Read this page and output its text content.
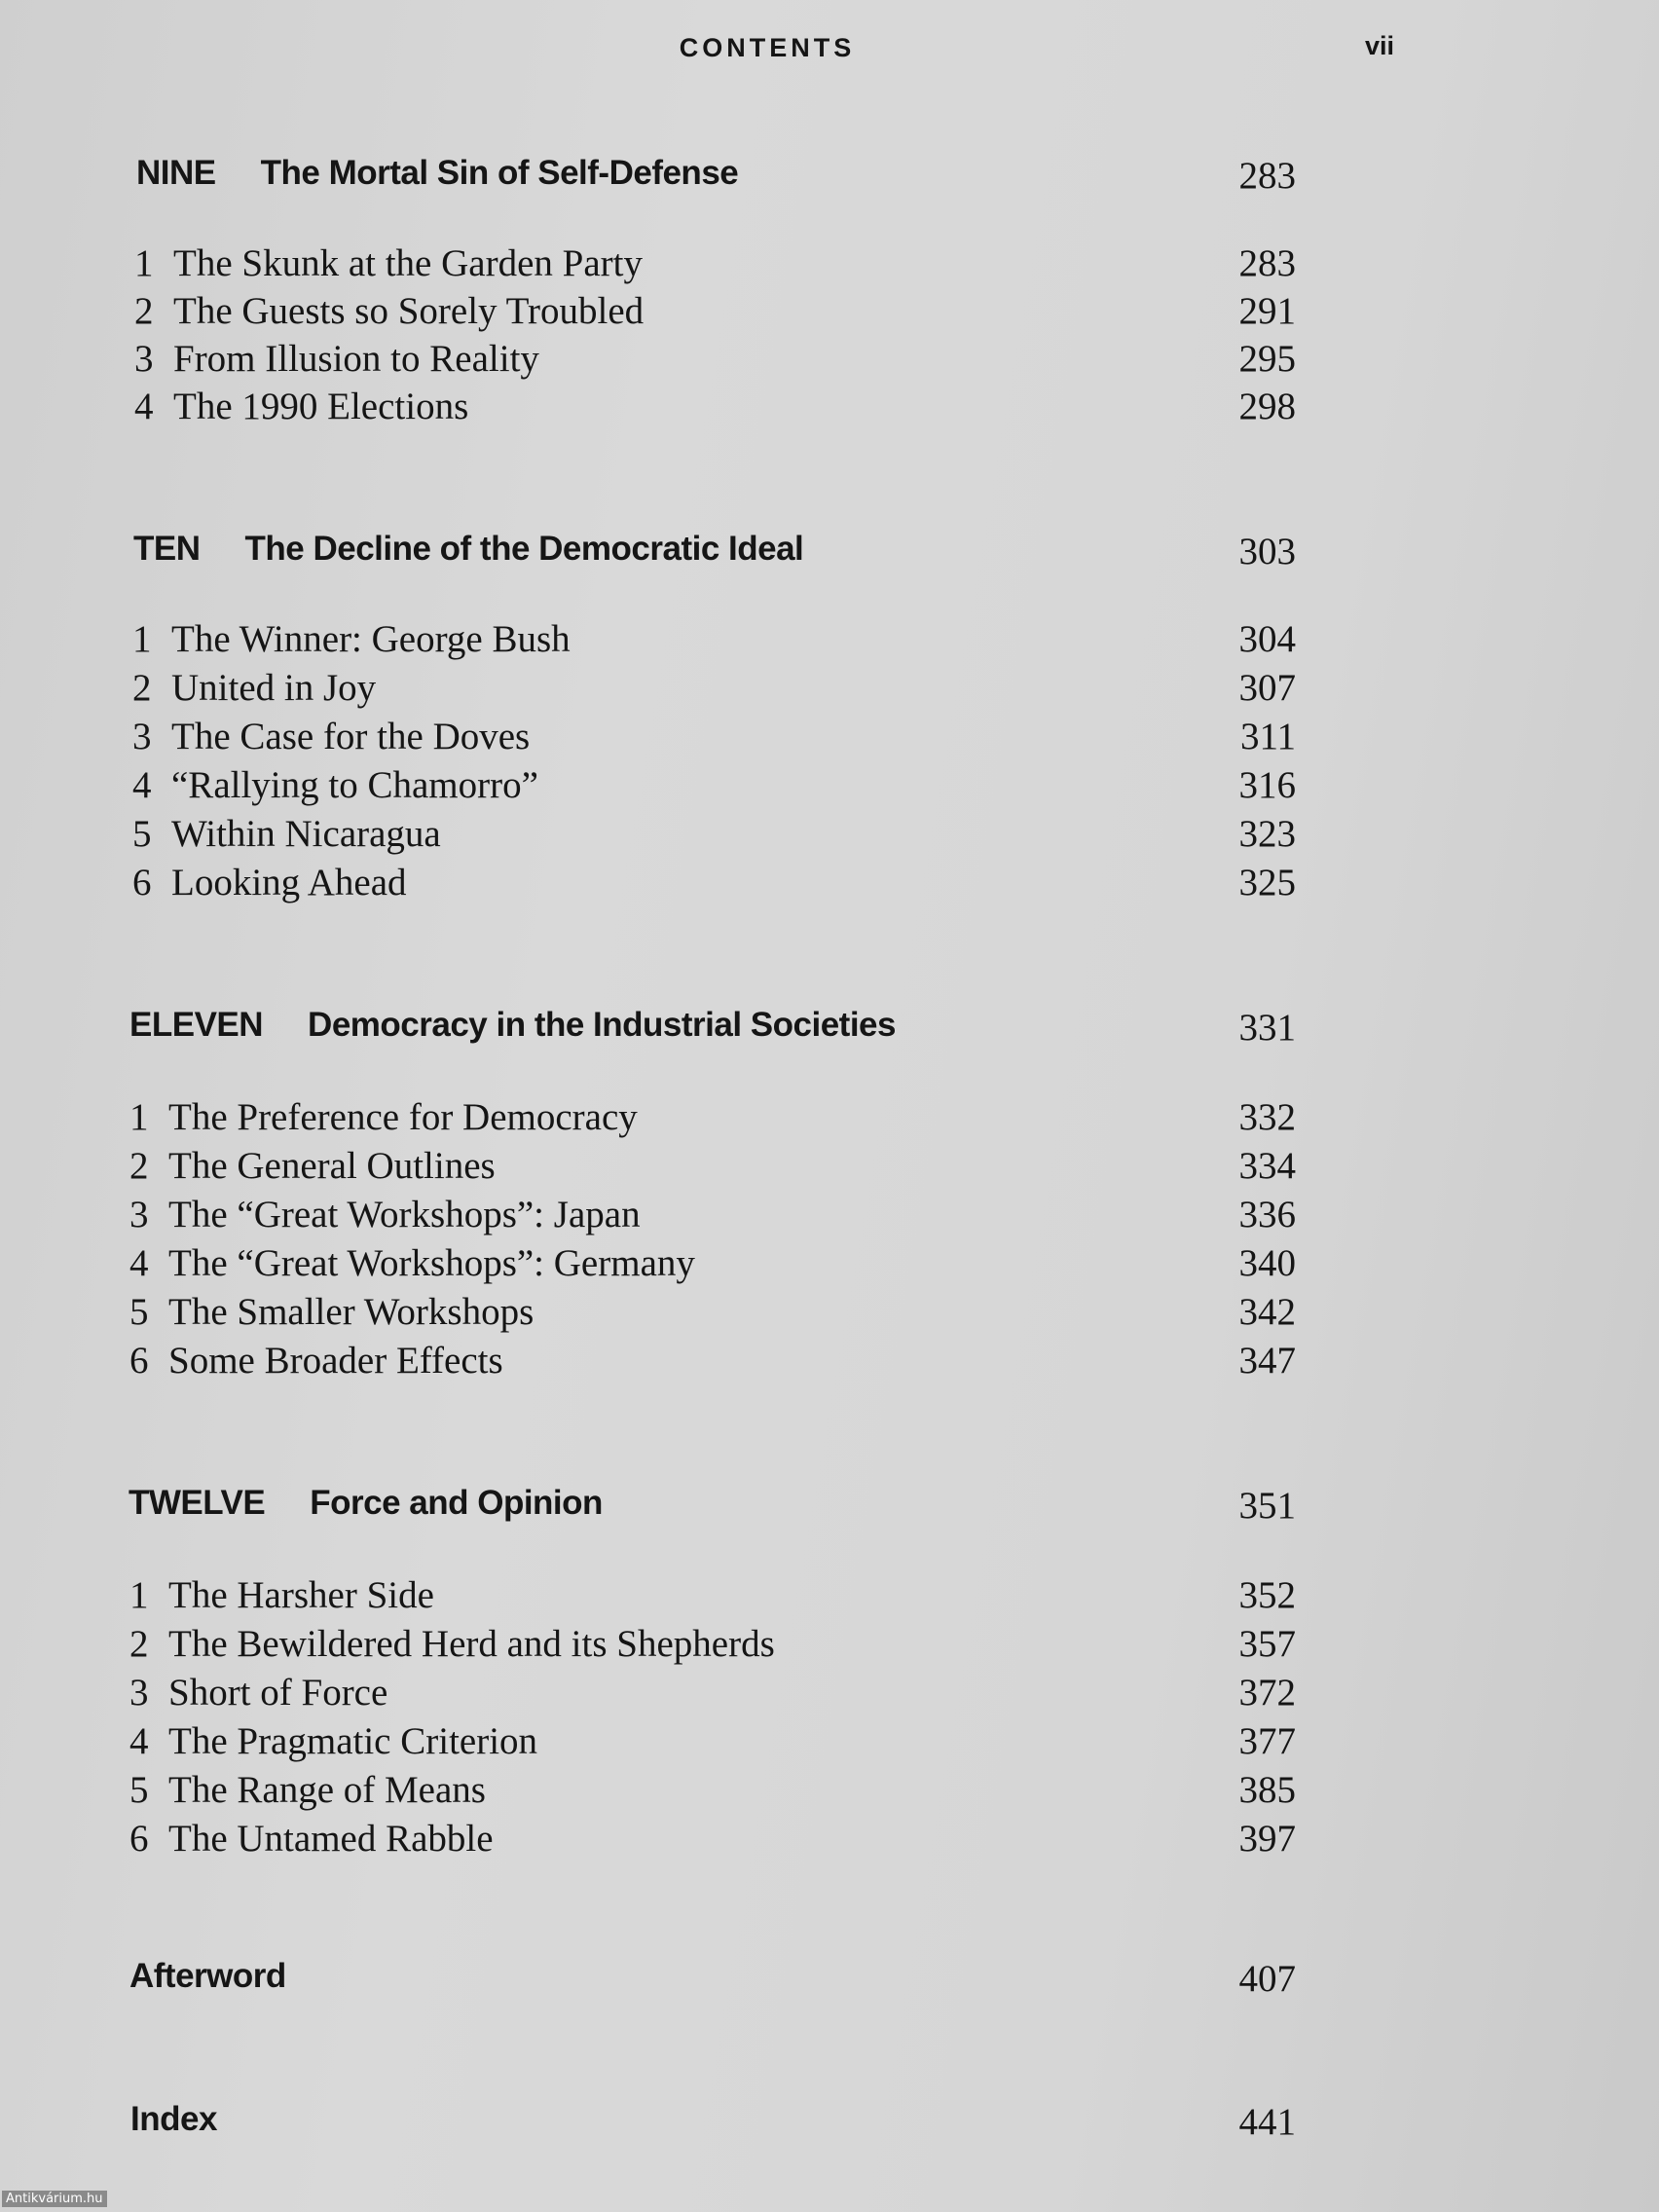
CONTENTS	vii
NINE The Mortal Sin of Self-Defense	283
1 The Skunk at the Garden Party	283
2 The Guests so Sorely Troubled	291
3 From Illusion to Reality	295
4 The 1990 Elections	298
TEN The Decline of the Democratic Ideal	303
1 The Winner: George Bush	304
2 United in Joy	307
3 The Case for the Doves	311
4 “Rallying to Chamorro”	316
5 Within Nicaragua	323
6 Looking Ahead	325
ELEVEN Democracy in the Industrial Societies	331
1 The Preference for Democracy	332
2 The General Outlines	334
3 The “Great Workshops”: Japan	336
4 The “Great Workshops”: Germany	340
5 The Smaller Workshops	342
6 Some Broader Effects	347
TWELVE Force and Opinion	351
1 The Harsher Side	352
2 The Bewildered Herd and its Shepherds	357
3 Short of Force	372
4 The Pragmatic Criterion	377
5 The Range of Means	385
6 The Untamed Rabble	397
Afterword	407
Index	441
Antikvárium.hu
